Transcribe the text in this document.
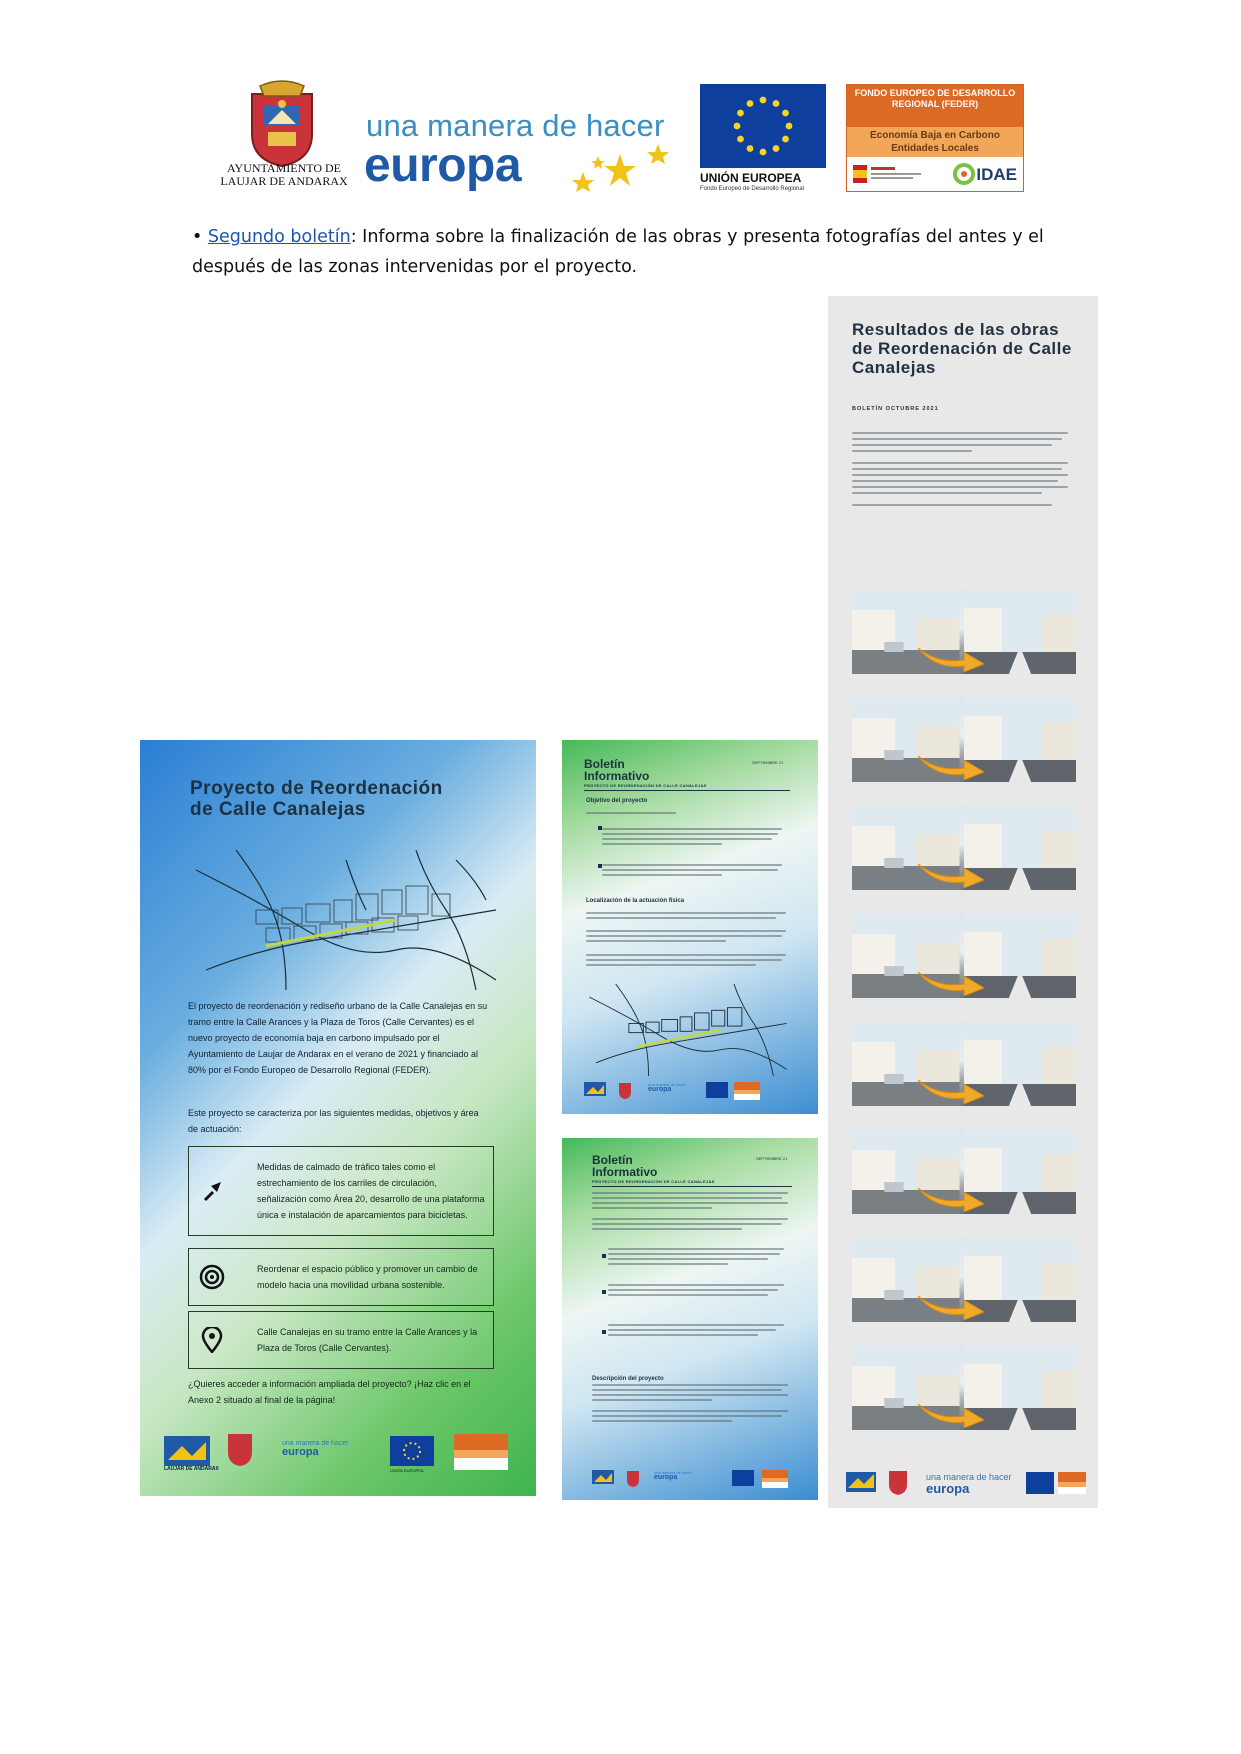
AYUNTAMIENTO DE LAUJAR DE ANDARAX
una manera de hacer
europa	UNIÓN EUROPEA
Fondo Europeo de Desarrollo Regional
FONDO EUROPEO DE DESARROLLO REGIONAL (FEDER)
Economía Baja en Carbono Entidades Locales
IDAE
• Segundo boletín: Informa sobre la finalización de las obras y presenta fotografías del antes y el después de las zonas intervenidas por el proyecto.
Proyecto de Reordenación de Calle Canalejas
El proyecto de reordenación y rediseño urbano de la Calle Canalejas en su tramo entre la Calle Arances y la Plaza de Toros (Calle Cervantes) es el nuevo proyecto de economía baja en carbono impulsado por el Ayuntamiento de Laujar de Andarax en el verano de 2021 y financiado al 80% por el Fondo Europeo de Desarrollo Regional (FEDER).
Este proyecto se caracteriza por las siguientes medidas, objetivos y área de actuación:
Medidas de calmado de tráfico tales como el estrechamiento de los carriles de circulación, señalización como Área 20, desarrollo de una plataforma única e instalación de aparcamientos para bicicletas.
Reordenar el espacio público y promover un cambio de modelo hacia una movilidad urbana sostenible.
Calle Canalejas en su tramo entre la Calle Arances y la Plaza de Toros (Calle Cervantes).
¿Quieres acceder a información ampliada del proyecto? ¡Haz clic en el Anexo 2 situado al final de la página!
LAUJAR DE ANDARAX
una manera de hacer
europa
UNIÓN EUROPEA
Boletín Informativo
SEPTIEMBRE 21
PROYECTO DE REORDENACIÓN DE CALLE CANALEJAS
Objetivo del proyecto
Localización de la actuación física
una manera de hacer
europa
Boletín Informativo
SEPTIEMBRE 21
PROYECTO DE REORDENACIÓN DE CALLE CANALEJAS
Descripción del proyecto
una manera de hacer
europa
Resultados de las obras de Reordenación de Calle Canalejas
BOLETÍN OCTUBRE 2021
una manera de hacer
europa
